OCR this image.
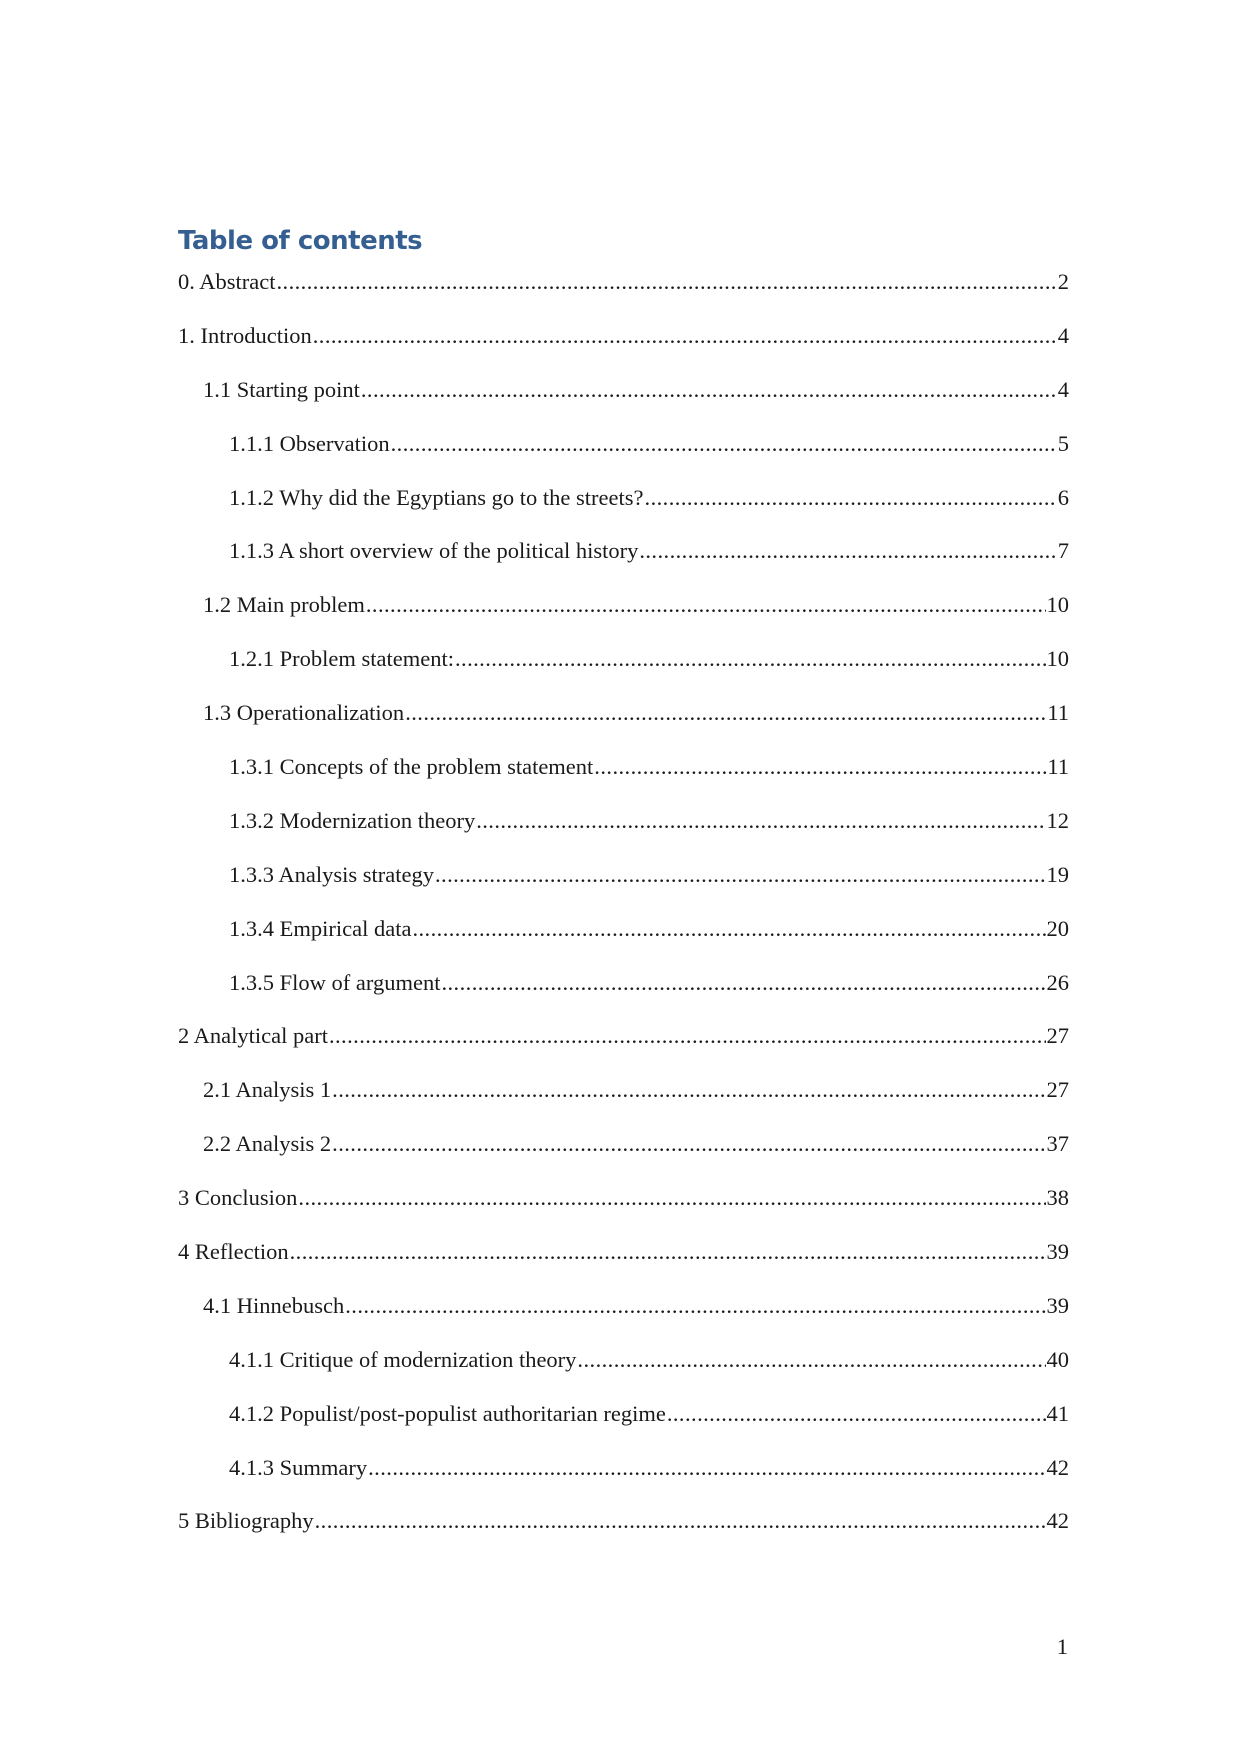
Table of contents
0. Abstract . . .	2
1. Introduction . . .	4
1.1 Starting point . . .	4
1.1.1 Observation . . .	5
1.1.2 Why did the Egyptians go to the streets? . . .	6
1.1.3 A short overview of the political history . . .	7
1.2 Main problem . . .	10
1.2.1 Problem statement: . . .	10
1.3 Operationalization . . .	11
1.3.1 Concepts of the problem statement . . .	11
1.3.2 Modernization theory . . .	12
1.3.3 Analysis strategy . . .	19
1.3.4 Empirical data . . .	20
1.3.5 Flow of argument . . .	26
2 Analytical part . . .	27
2.1 Analysis 1 . . .	27
2.2 Analysis 2 . . .	37
3 Conclusion . . .	38
4 Reflection . . .	39
4.1 Hinnebusch . . .	39
4.1.1 Critique of modernization theory . . .	40
4.1.2 Populist/post-populist authoritarian regime . . .	41
4.1.3 Summary . . .	42
5 Bibliography . . .	42
1
